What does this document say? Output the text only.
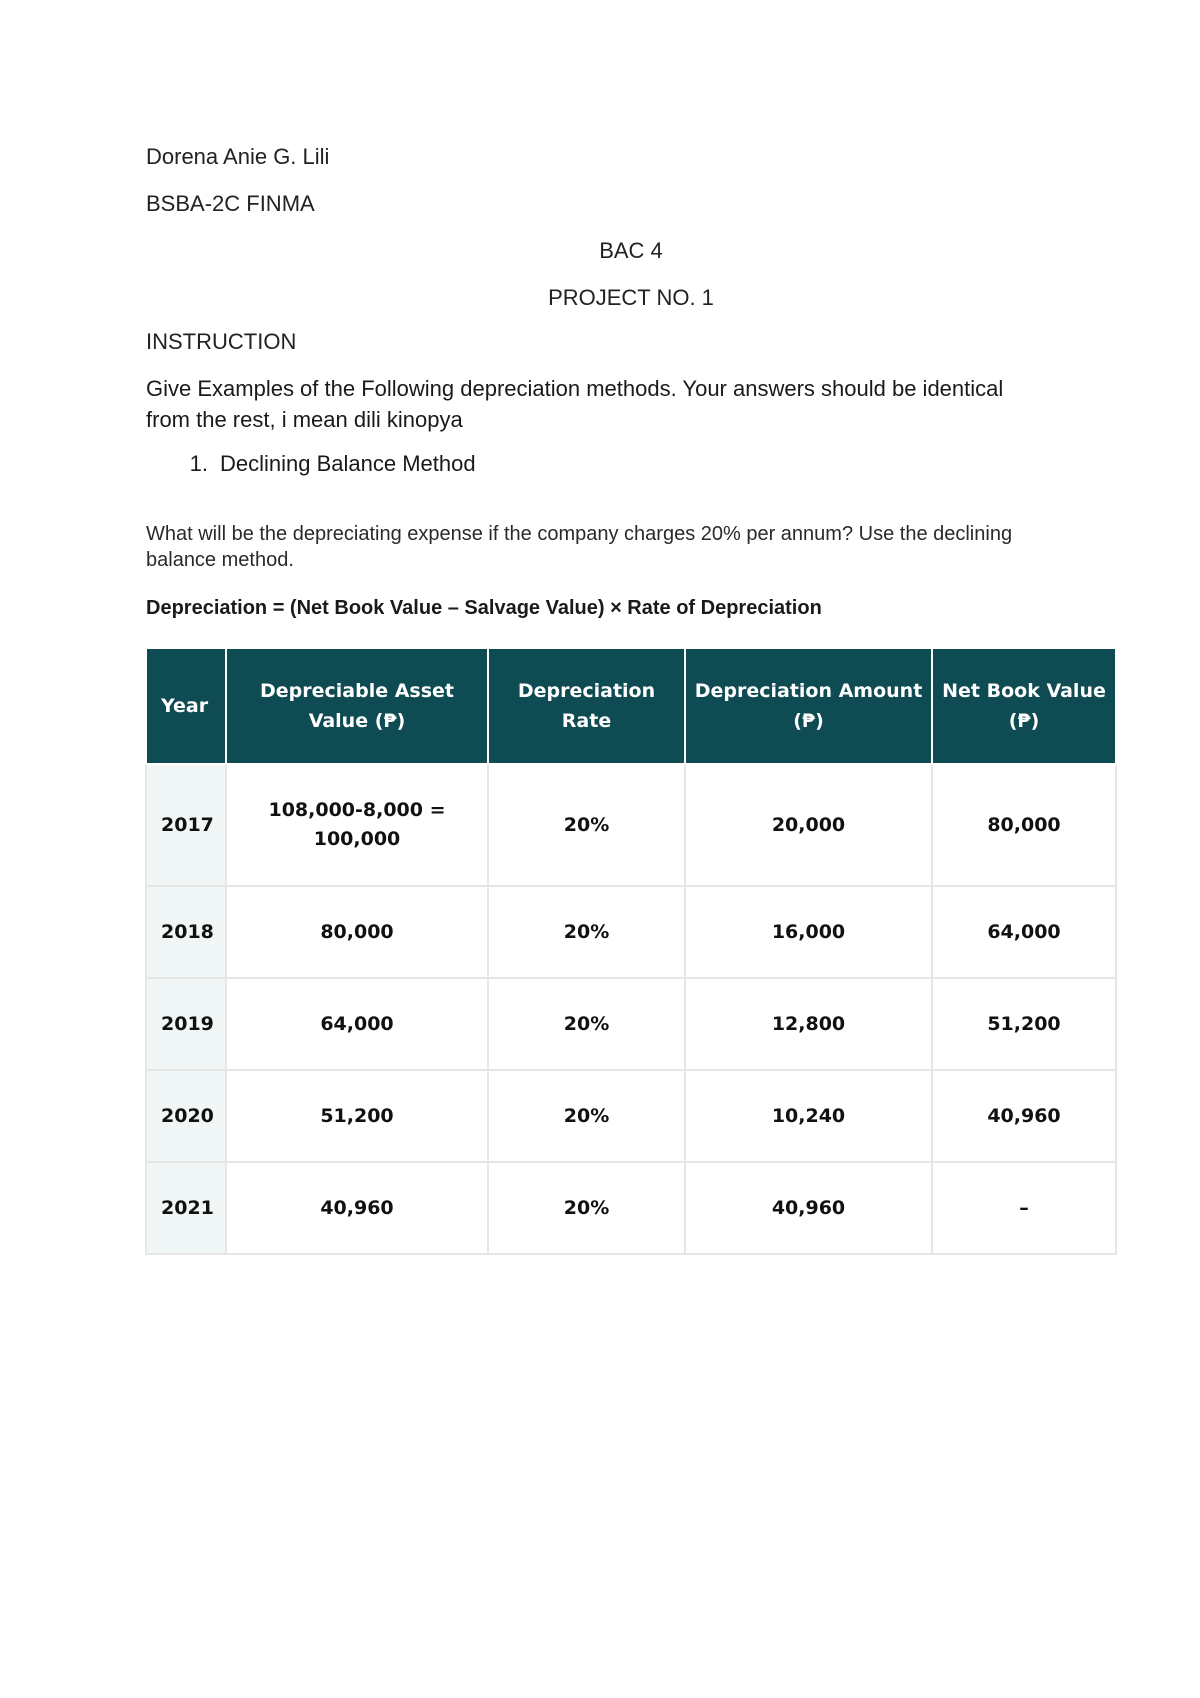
Dorena Anie G. Lili

BSBA-2C FINMA

BAC 4

PROJECT NO. 1

INSTRUCTION

Give Examples of the Following depreciation methods. Your answers should be identical from the rest, i mean dili kinopya

1. Declining Balance Method

What will be the depreciating expense if the company charges 20% per annum? Use the declining balance method.

Depreciation = (Net Book Value – Salvage Value) × Rate of Depreciation

Year	Depreciable Asset Value (₱)	Depreciation Rate	Depreciation Amount (₱)	Net Book Value (₱)
2017	108,000-8,000 = 100,000	20%	20,000	80,000
2018	80,000	20%	16,000	64,000
2019	64,000	20%	12,800	51,200
2020	51,200	20%	10,240	40,960
2021	40,960	20%	40,960	–
